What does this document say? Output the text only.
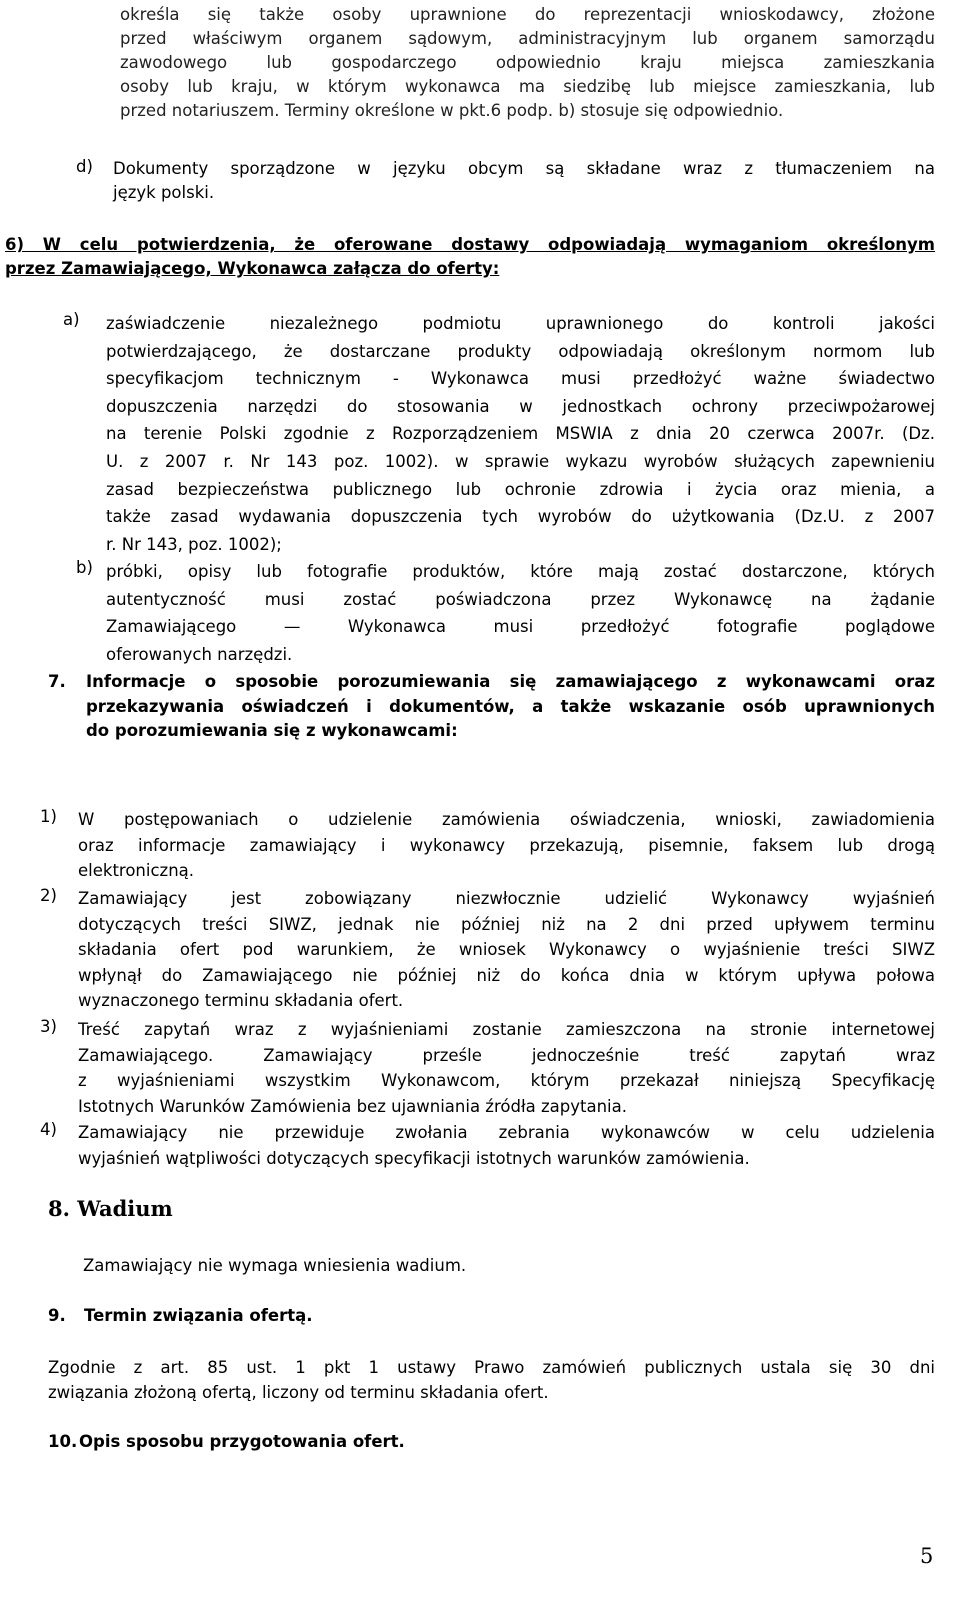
określa się także osoby uprawnione do reprezentacji wnioskodawcy, złożone
przed właściwym organem sądowym, administracyjnym lub organem samorządu
zawodowego lub gospodarczego odpowiednio kraju miejsca zamieszkania
osoby lub kraju, w którym wykonawca ma siedzibę lub miejsce zamieszkania, lub
przed notariuszem. Terminy określone w pkt.6 podp. b) stosuje się odpowiednio.
d) Dokumenty sporządzone w języku obcym są składane wraz z tłumaczeniem na
język polski.
6) W celu potwierdzenia, że oferowane dostawy odpowiadają wymaganiom określonym
przez Zamawiającego, Wykonawca załącza do oferty:
a) zaświadczenie niezależnego podmiotu uprawnionego do kontroli jakości
potwierdzającego, że dostarczane produkty odpowiadają określonym normom lub
specyfikacjom technicznym - Wykonawca musi przedłożyć ważne świadectwo
dopuszczenia narzędzi do stosowania w jednostkach ochrony przeciwpożarowej
na terenie Polski zgodnie z Rozporządzeniem MSWIA z dnia 20 czerwca 2007r. (Dz.
U. z 2007 r. Nr 143 poz. 1002). w sprawie wykazu wyrobów służących zapewnieniu
zasad bezpieczeństwa publicznego lub ochronie zdrowia i życia oraz mienia, a
także zasad wydawania dopuszczenia tych wyrobów do użytkowania (Dz.U. z 2007
r. Nr 143, poz. 1002);
b) próbki, opisy lub fotografie produktów, które mają zostać dostarczone, których
autentyczność musi zostać poświadczona przez Wykonawcę na żądanie
Zamawiającego — Wykonawca musi przedłożyć fotografie poglądowe
oferowanych narzędzi.
7. Informacje o sposobie porozumiewania się zamawiającego z wykonawcami oraz
przekazywania oświadczeń i dokumentów, a także wskazanie osób uprawnionych
do porozumiewania się z wykonawcami:
1) W postępowaniach o udzielenie zamówienia oświadczenia, wnioski, zawiadomienia
oraz informacje zamawiający i wykonawcy przekazują, pisemnie, faksem lub drogą
elektroniczną.
2) Zamawiający jest zobowiązany niezwłocznie udzielić Wykonawcy wyjaśnień
dotyczących treści SIWZ, jednak nie później niż na 2 dni przed upływem terminu
składania ofert pod warunkiem, że wniosek Wykonawcy o wyjaśnienie treści SIWZ
wpłynął do Zamawiającego nie później niż do końca dnia w którym upływa połowa
wyznaczonego terminu składania ofert.
3) Treść zapytań wraz z wyjaśnieniami zostanie zamieszczona na stronie internetowej
Zamawiającego. Zamawiający prześle jednocześnie treść zapytań wraz
z wyjaśnieniami wszystkim Wykonawcom, którym przekazał niniejszą Specyfikację
Istotnych Warunków Zamówienia bez ujawniania źródła zapytania.
4) Zamawiający nie przewiduje zwołania zebrania wykonawców w celu udzielenia
wyjaśnień wątpliwości dotyczących specyfikacji istotnych warunków zamówienia.
8. Wadium
Zamawiający nie wymaga wniesienia wadium.
9. Termin związania ofertą.
Zgodnie z art. 85 ust. 1 pkt 1 ustawy Prawo zamówień publicznych ustala się 30 dni
związania złożoną ofertą, liczony od terminu składania ofert.
10. Opis sposobu przygotowania ofert.
5
